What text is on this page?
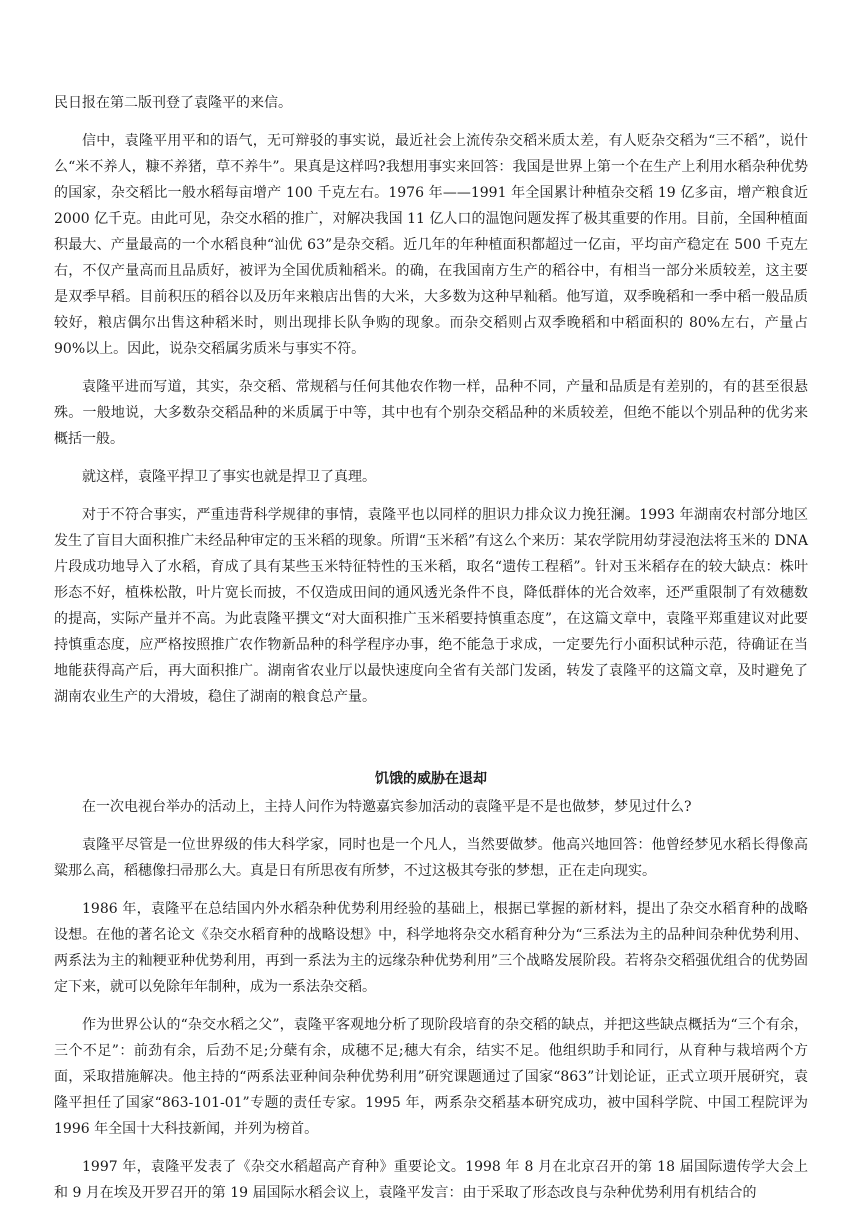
民日报在第二版刊登了袁隆平的来信。

信中，袁隆平用平和的语气，无可辩驳的事实说，最近社会上流传杂交稻米质太差，有人贬杂交稻为“三不稻”，说什么“米不养人，糠不养猪，草不养牛”。果真是这样吗?我想用事实来回答：我国是世界上第一个在生产上利用水稻杂种优势的国家，杂交稻比一般水稻每亩增产 100 千克左右。1976 年——1991 年全国累计种植杂交稻 19 亿多亩，增产粮食近 2000 亿千克。由此可见，杂交水稻的推广，对解决我国 11 亿人口的温饱问题发挥了极其重要的作用。目前，全国种植面积最大、产量最高的一个水稻良种“汕优 63”是杂交稻。近几年的年种植面积都超过一亿亩，平均亩产稳定在 500 千克左右，不仅产量高而且品质好，被评为全国优质籼稻米。的确，在我国南方生产的稻谷中，有相当一部分米质较差，这主要是双季早稻。目前积压的稻谷以及历年来粮店出售的大米，大多数为这种早籼稻。他写道，双季晚稻和一季中稻一般品质较好，粮店偶尔出售这种稻米时，则出现排长队争购的现象。而杂交稻则占双季晚稻和中稻面积的 80%左右，产量占 90%以上。因此，说杂交稻属劣质米与事实不符。

袁隆平进而写道，其实，杂交稻、常规稻与任何其他农作物一样，品种不同，产量和品质是有差别的，有的甚至很悬殊。一般地说，大多数杂交稻品种的米质属于中等，其中也有个别杂交稻品种的米质较差，但绝不能以个别品种的优劣来概括一般。

就这样，袁隆平捍卫了事实也就是捍卫了真理。

对于不符合事实，严重违背科学规律的事情，袁隆平也以同样的胆识力排众议力挽狂澜。1993 年湖南农村部分地区发生了盲目大面积推广未经品种审定的玉米稻的现象。所谓“玉米稻”有这么个来历：某农学院用幼芽浸泡法将玉米的 DNA 片段成功地导入了水稻，育成了具有某些玉米特征特性的玉米稻，取名“遗传工程稻”。针对玉米稻存在的较大缺点：株叶形态不好，植株松散，叶片宽长而披，不仅造成田间的通风透光条件不良，降低群体的光合效率，还严重限制了有效穗数的提高，实际产量并不高。为此袁隆平撰文“对大面积推广玉米稻要持慎重态度”，在这篇文章中，袁隆平郑重建议对此要持慎重态度，应严格按照推广农作物新品种的科学程序办事，绝不能急于求成，一定要先行小面积试种示范，待确证在当地能获得高产后，再大面积推广。湖南省农业厅以最快速度向全省有关部门发函，转发了袁隆平的这篇文章，及时避免了湖南农业生产的大滑坡，稳住了湖南的粮食总产量。

饥饿的威胁在退却

在一次电视台举办的活动上，主持人问作为特邀嘉宾参加活动的袁隆平是不是也做梦，梦见过什么?

袁隆平尽管是一位世界级的伟大科学家，同时也是一个凡人，当然要做梦。他高兴地回答：他曾经梦见水稻长得像高粱那么高，稻穗像扫帚那么大。真是日有所思夜有所梦，不过这极其夸张的梦想，正在走向现实。

1986 年，袁隆平在总结国内外水稻杂种优势利用经验的基础上，根据已掌握的新材料，提出了杂交水稻育种的战略设想。在他的著名论文《杂交水稻育种的战略设想》中，科学地将杂交水稻育种分为“三系法为主的品种间杂种优势利用、两系法为主的籼粳亚种优势利用，再到一系法为主的远缘杂种优势利用”三个战略发展阶段。若将杂交稻强优组合的优势固定下来，就可以免除年年制种，成为一系法杂交稻。

作为世界公认的“杂交水稻之父”，袁隆平客观地分析了现阶段培育的杂交稻的缺点，并把这些缺点概括为“三个有余，三个不足”：前劲有余，后劲不足;分蘖有余，成穗不足;穗大有余，结实不足。他组织助手和同行，从育种与栽培两个方面，采取措施解决。他主持的“两系法亚种间杂种优势利用”研究课题通过了国家“863”计划论证，正式立项开展研究，袁隆平担任了国家“863-101-01”专题的责任专家。1995 年，两系杂交稻基本研究成功，被中国科学院、中国工程院评为 1996 年全国十大科技新闻，并列为榜首。

1997 年，袁隆平发表了《杂交水稻超高产育种》重要论文。1998 年 8 月在北京召开的第 18 届国际遗传学大会上和 9 月在埃及开罗召开的第 19 届国际水稻会议上，袁隆平发言：由于采取了形态改良与杂种优势利用有机结合的
